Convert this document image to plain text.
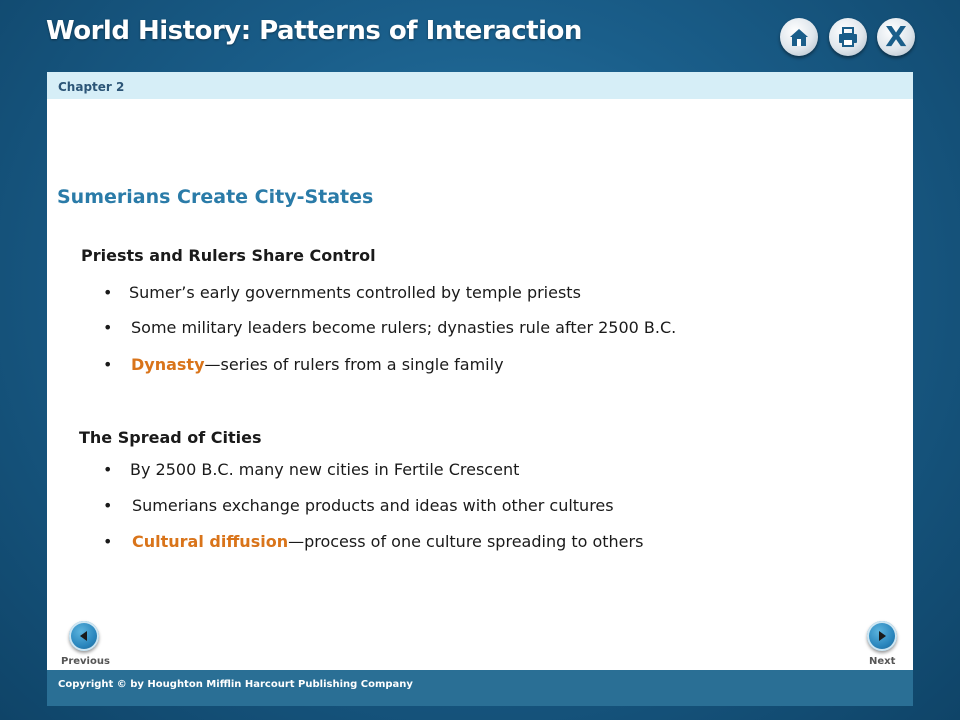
World History: Patterns of Interaction	X
Chapter 2
Sumerians Create City-States
Priests and Rulers Share Control
• Sumer’s early governments controlled by temple priests
• Some military leaders become rulers; dynasties rule after 2500 B.C.
• Dynasty—series of rulers from a single family
The Spread of Cities
• By 2500 B.C. many new cities in Fertile Crescent
• Sumerians exchange products and ideas with other cultures
• Cultural diffusion—process of one culture spreading to others
Previous	Next
Copyright © by Houghton Mifflin Harcourt Publishing Company
